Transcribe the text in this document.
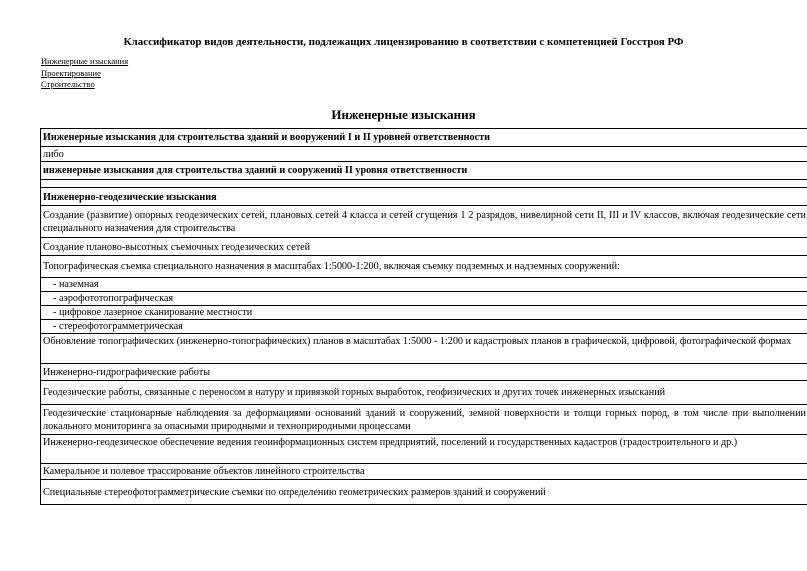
Классификатор видов деятельности, подлежащих лицензированию в соответствии с компетенцией Госстроя РФ
Инженерные изыскания
Проектирование
Строительство
Инженерные изыскания
Инженерные изыскания для строительства зданий и вооружений I и II уровней ответственности
либо
инженерные изыскания для строительства зданий и сооружений II уровня ответственности
Инженерно-геодезические изыскания
Создание (развитие) опорных геодезических сетей, плановых сетей 4 класса и сетей сгущения 1 2 разрядов, нивелирной сети II, III и IV классов, включая геодезические сети специального назначения для строительства
Создание планово-высотных съемочных геодезических сетей
Топографическая съемка специального назначения в масштабах 1:5000-1:200, включая съемку подземных и надземных сооружений:
- наземная
- аэрофототопографическая
- цифровое лазерное сканирование местности
- стереофотограмметрическая
Обновление топографических (инженерно-топографических) планов в масштабах 1:5000 - 1:200 и кадастровых планов в графической, цифровой, фотографической формах
Инженерно-гидрографические работы
Геодезические работы, связанные с переносом в натуру и привязкой горных выработок, геофизических и других точек инженерных изысканий
Геодезические стационарные наблюдения за деформациями оснований зданий и сооружений, земной поверхности и толщи горных пород, в том числе при выполнении локального мониторинга за опасными природными и техноприродными процессами
Инженерно-геодезическое обеспечение ведения геоинформационных систем предприятий, поселений и государственных кадастров (градостроительного и др.)
Камеральное и полевое трассирование объектов линейного строительства
Специальные стереофотограмметрические съемки по определению геометрических размеров зданий и сооружений
